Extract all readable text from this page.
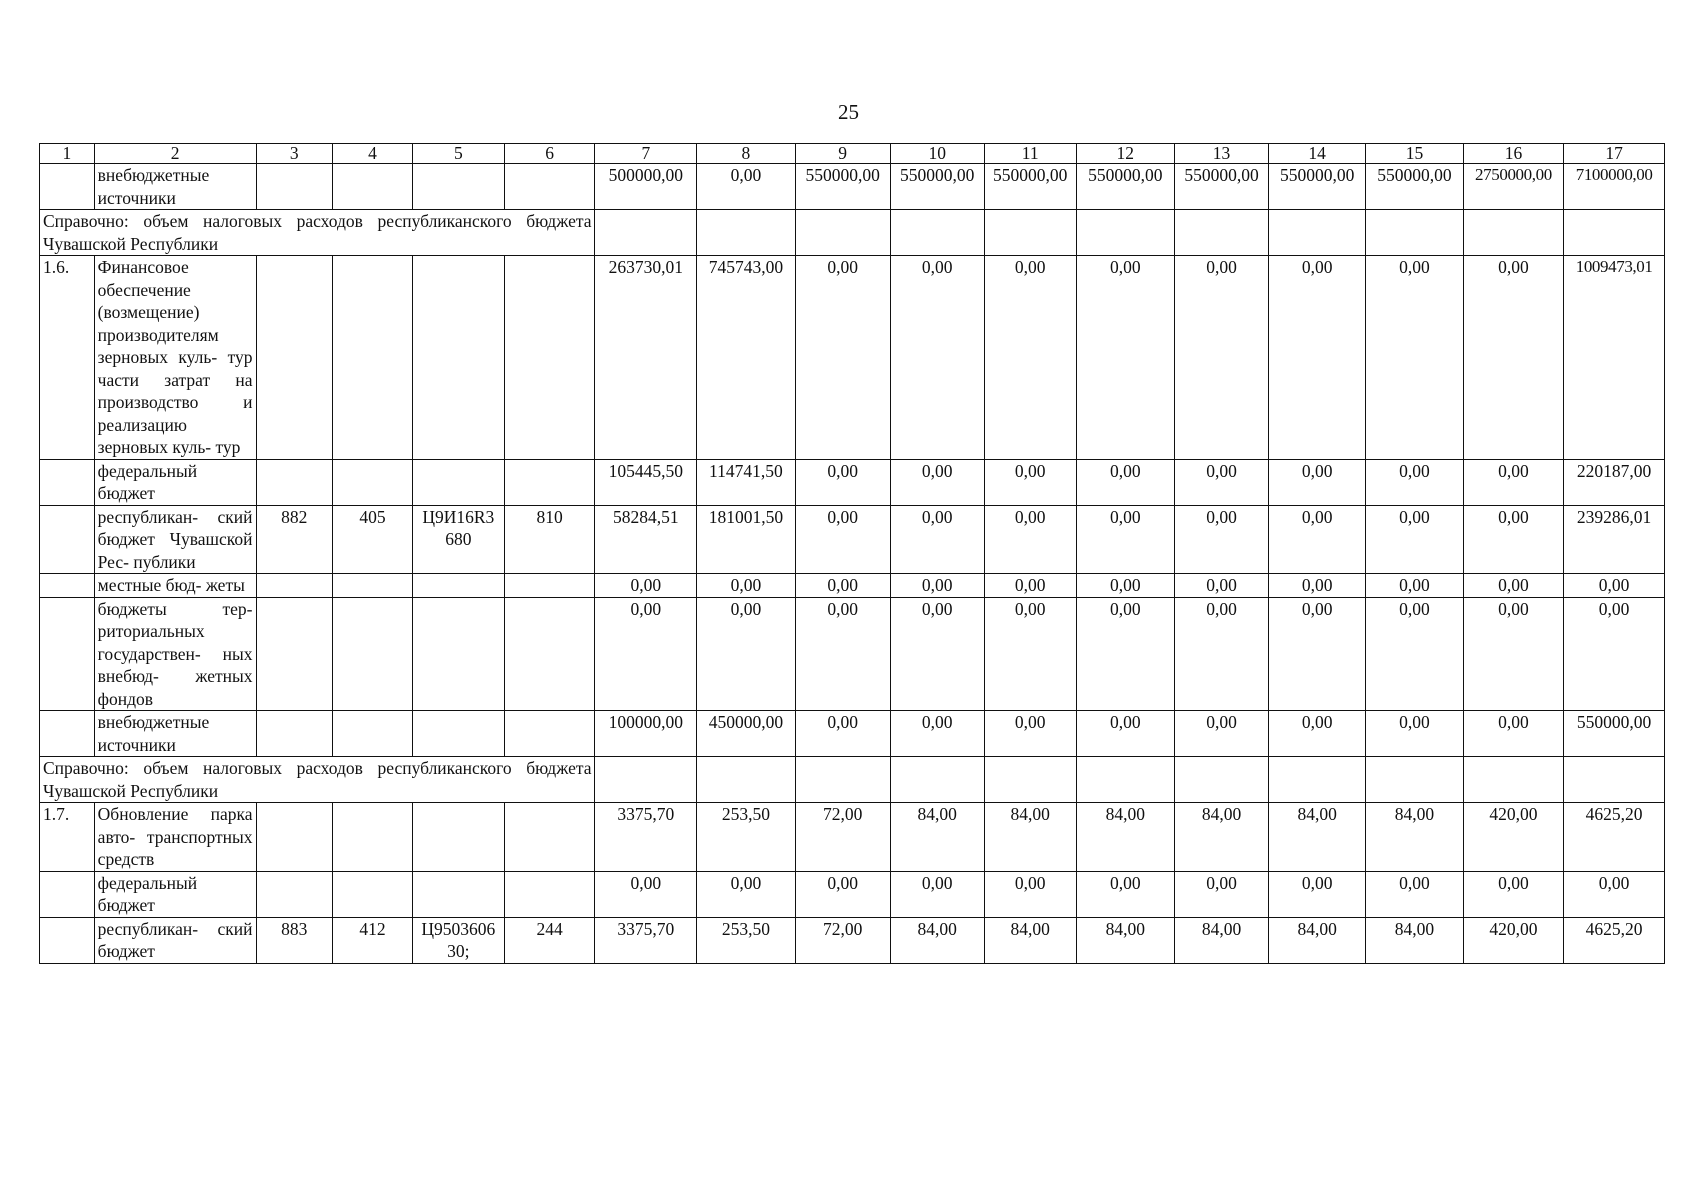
25
1	2	3	4	5	6	7	8	9	10	11	12	13	14	15	16	17
	внебюджетные источники					500000,00	0,00	550000,00	550000,00	550000,00	550000,00	550000,00	550000,00	550000,00	2750000,00	7100000,00
Справочно: объем налоговых расходов республиканского бюджета Чувашской Республики																
1.6.	Финансовое обеспечение (возмещение) производителям зерновых куль- тур части затрат на производство и реализацию зерновых куль- тур					263730,01	745743,00	0,00	0,00	0,00	0,00	0,00	0,00	0,00	0,00	1009473,01
	федеральный бюджет					105445,50	114741,50	0,00	0,00	0,00	0,00	0,00	0,00	0,00	0,00	220187,00
	республикан- ский бюджет Чувашской Рес- публики	882	405	Ц9И16R3 680	810	58284,51	181001,50	0,00	0,00	0,00	0,00	0,00	0,00	0,00	0,00	239286,01
	местные бюд- жеты					0,00	0,00	0,00	0,00	0,00	0,00	0,00	0,00	0,00	0,00	0,00
	бюджеты тер- риториальных государствен- ных внебюд- жетных фондов					0,00	0,00	0,00	0,00	0,00	0,00	0,00	0,00	0,00	0,00	0,00
	внебюджетные источники					100000,00	450000,00	0,00	0,00	0,00	0,00	0,00	0,00	0,00	0,00	550000,00
Справочно: объем налоговых расходов республиканского бюджета Чувашской Республики																
1.7.	Обновление парка авто- транспортных средств					3375,70	253,50	72,00	84,00	84,00	84,00	84,00	84,00	84,00	420,00	4625,20
	федеральный бюджет					0,00	0,00	0,00	0,00	0,00	0,00	0,00	0,00	0,00	0,00	0,00
	республикан- ский бюджет	883	412	Ц9503606 30;	244	3375,70	253,50	72,00	84,00	84,00	84,00	84,00	84,00	84,00	420,00	4625,20
